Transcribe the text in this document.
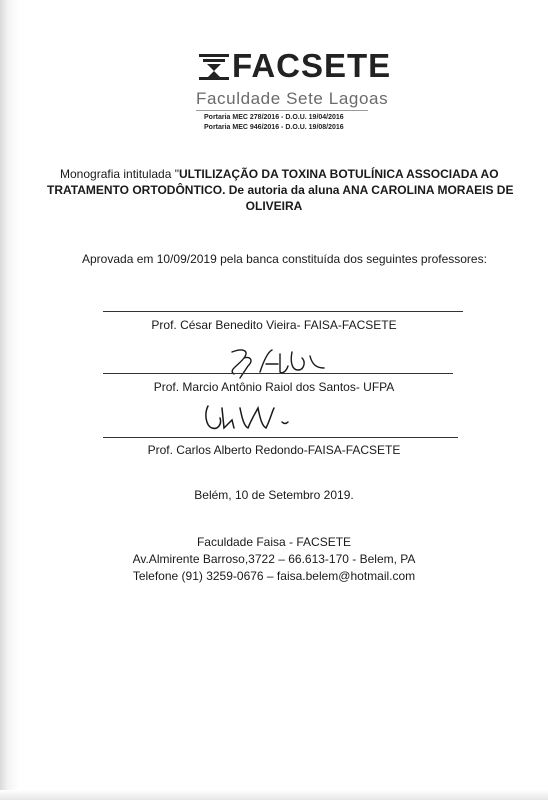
FACSETE
Faculdade Sete Lagoas
Portaria MEC 278/2016 - D.O.U. 19/04/2016
Portaria MEC 946/2016 - D.O.U. 19/08/2016
Monografia intitulada "ULTILIZAÇÃO DA TOXINA BOTULÍNICA ASSOCIADA AO
TRATAMENTO ORTODÔNTICO. De autoria da aluna ANA CAROLINA MORAEIS DE
OLIVEIRA
Aprovada em 10/09/2019 pela banca constituída dos seguintes professores:
Prof. César Benedito Vieira- FAISA-FACSETE
Prof. Marcio Antônio Raiol dos Santos- UFPA
Prof. Carlos Alberto Redondo-FAISA-FACSETE
Belém, 10 de Setembro 2019.
Faculdade Faisa - FACSETE
Av.Almirente Barroso,3722 – 66.613-170 - Belem, PA
Telefone (91) 3259-0676 – faisa.belem@hotmail.com
